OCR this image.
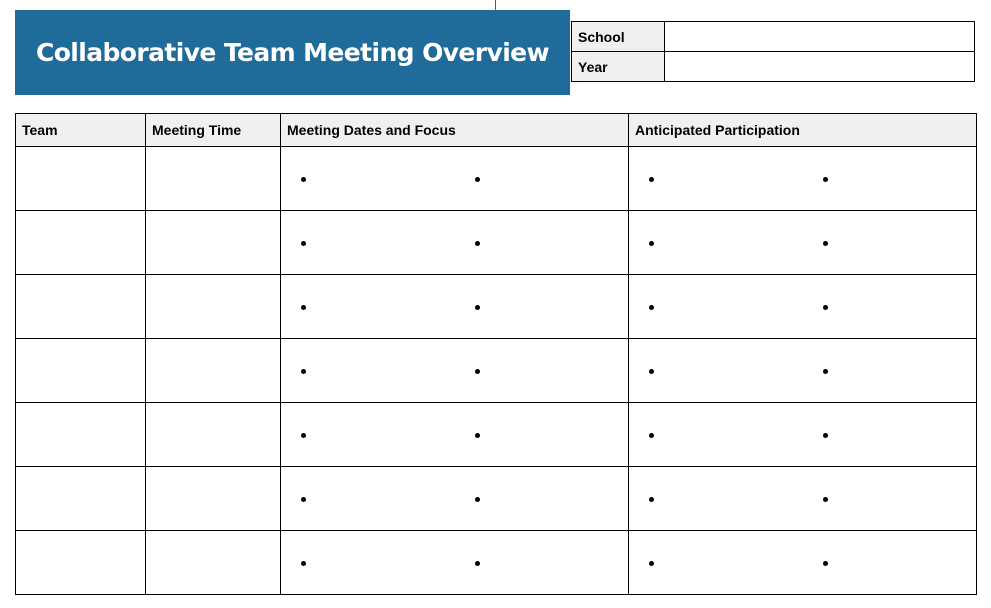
Collaborative Team Meeting Overview
School	
Year	
Team	Meeting Time	Meeting Dates and Focus	Anticipated Participation
